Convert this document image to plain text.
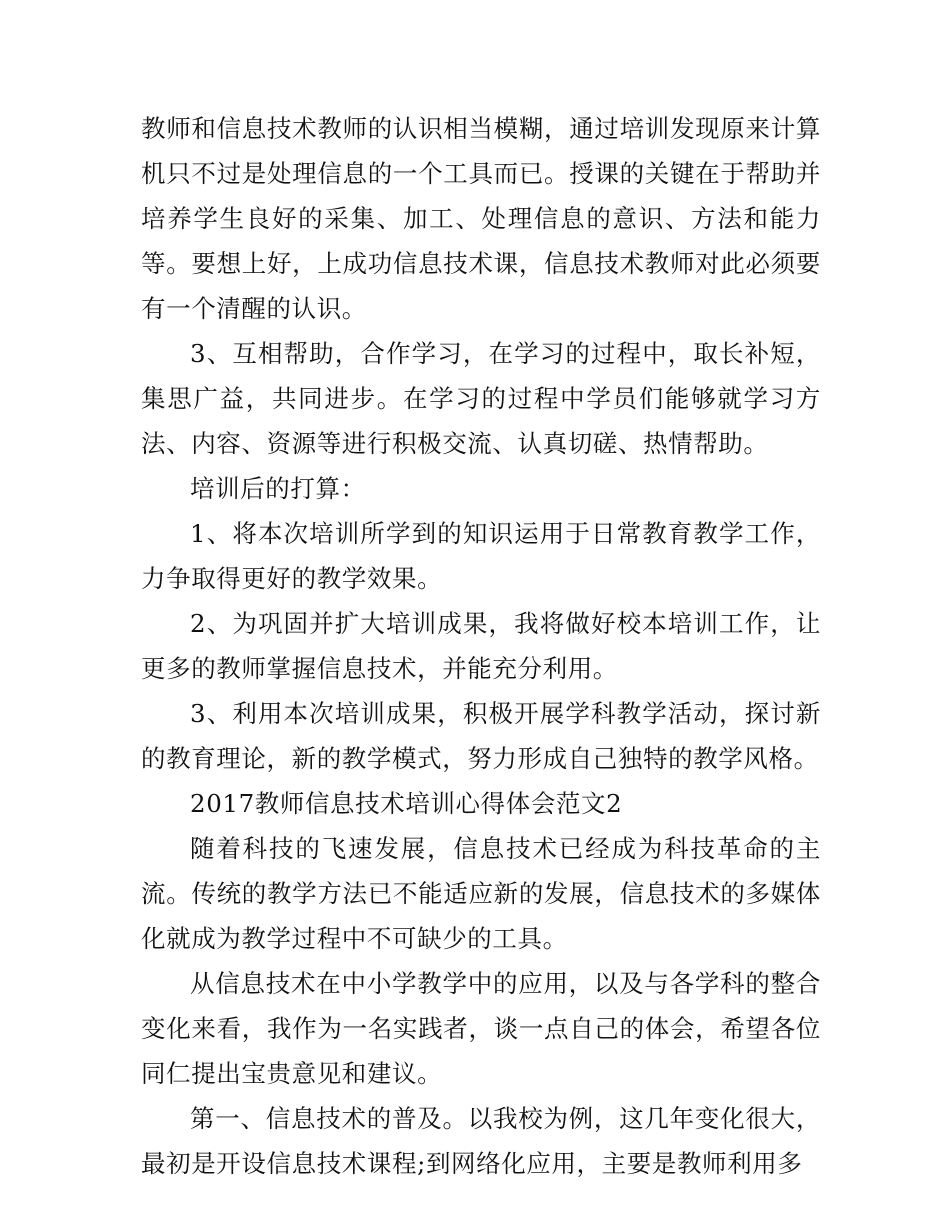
教师和信息技术教师的认识相当模糊，通过培训发现原来计算机只不过是处理信息的一个工具而已。授课的关键在于帮助并培养学生良好的采集、加工、处理信息的意识、方法和能力等。要想上好，上成功信息技术课，信息技术教师对此必须要有一个清醒的认识。

3、互相帮助，合作学习，在学习的过程中，取长补短，集思广益，共同进步。在学习的过程中学员们能够就学习方法、内容、资源等进行积极交流、认真切磋、热情帮助。

培训后的打算：

1、将本次培训所学到的知识运用于日常教育教学工作，力争取得更好的教学效果。

2、为巩固并扩大培训成果，我将做好校本培训工作，让更多的教师掌握信息技术，并能充分利用。

3、利用本次培训成果，积极开展学科教学活动，探讨新的教育理论，新的教学模式，努力形成自己独特的教学风格。

2017教师信息技术培训心得体会范文2

随着科技的飞速发展，信息技术已经成为科技革命的主流。传统的教学方法已不能适应新的发展，信息技术的多媒体化就成为教学过程中不可缺少的工具。

从信息技术在中小学教学中的应用，以及与各学科的整合变化来看，我作为一名实践者，谈一点自己的体会，希望各位同仁提出宝贵意见和建议。

第一、信息技术的普及。以我校为例，这几年变化很大，最初是开设信息技术课程;到网络化应用，主要是教师利用多
